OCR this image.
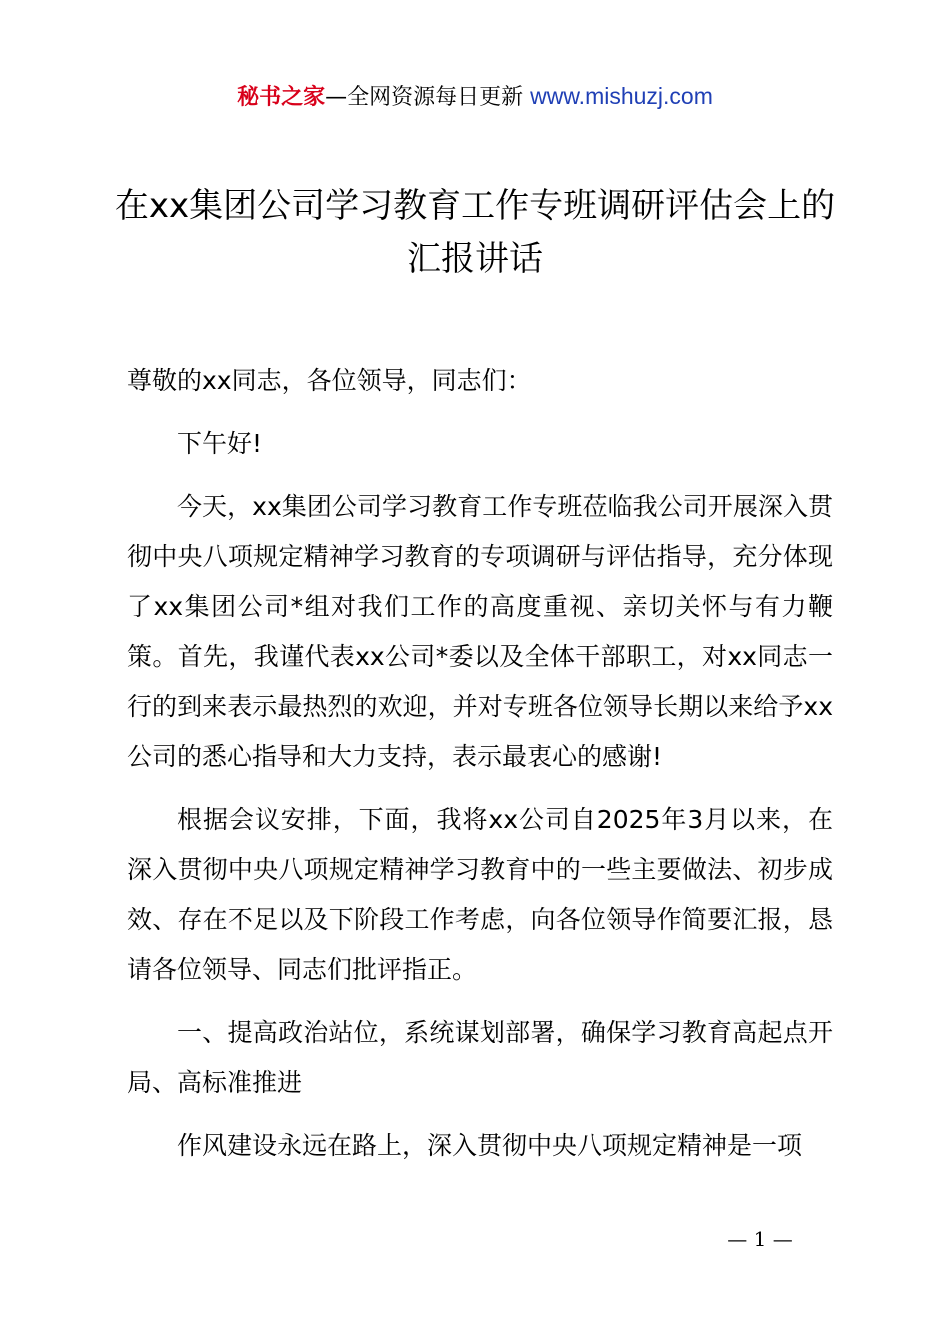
秘书之家—全网资源每日更新 www.mishuzj.com
在xx集团公司学习教育工作专班调研评估会上的汇报讲话

尊敬的xx同志，各位领导，同志们：

下午好!

今天，xx集团公司学习教育工作专班莅临我公司开展深入贯彻中央八项规定精神学习教育的专项调研与评估指导，充分体现了xx集团公司*组对我们工作的高度重视、亲切关怀与有力鞭策。首先，我谨代表xx公司*委以及全体干部职工，对xx同志一行的到来表示最热烈的欢迎，并对专班各位领导长期以来给予xx公司的悉心指导和大力支持，表示最衷心的感谢!

根据会议安排，下面，我将xx公司自2025年3月以来，在深入贯彻中央八项规定精神学习教育中的一些主要做法、初步成效、存在不足以及下阶段工作考虑，向各位领导作简要汇报，恳请各位领导、同志们批评指正。

一、提高政治站位，系统谋划部署，确保学习教育高起点开局、高标准推进

作风建设永远在路上，深入贯彻中央八项规定精神是一项

— 1 —
